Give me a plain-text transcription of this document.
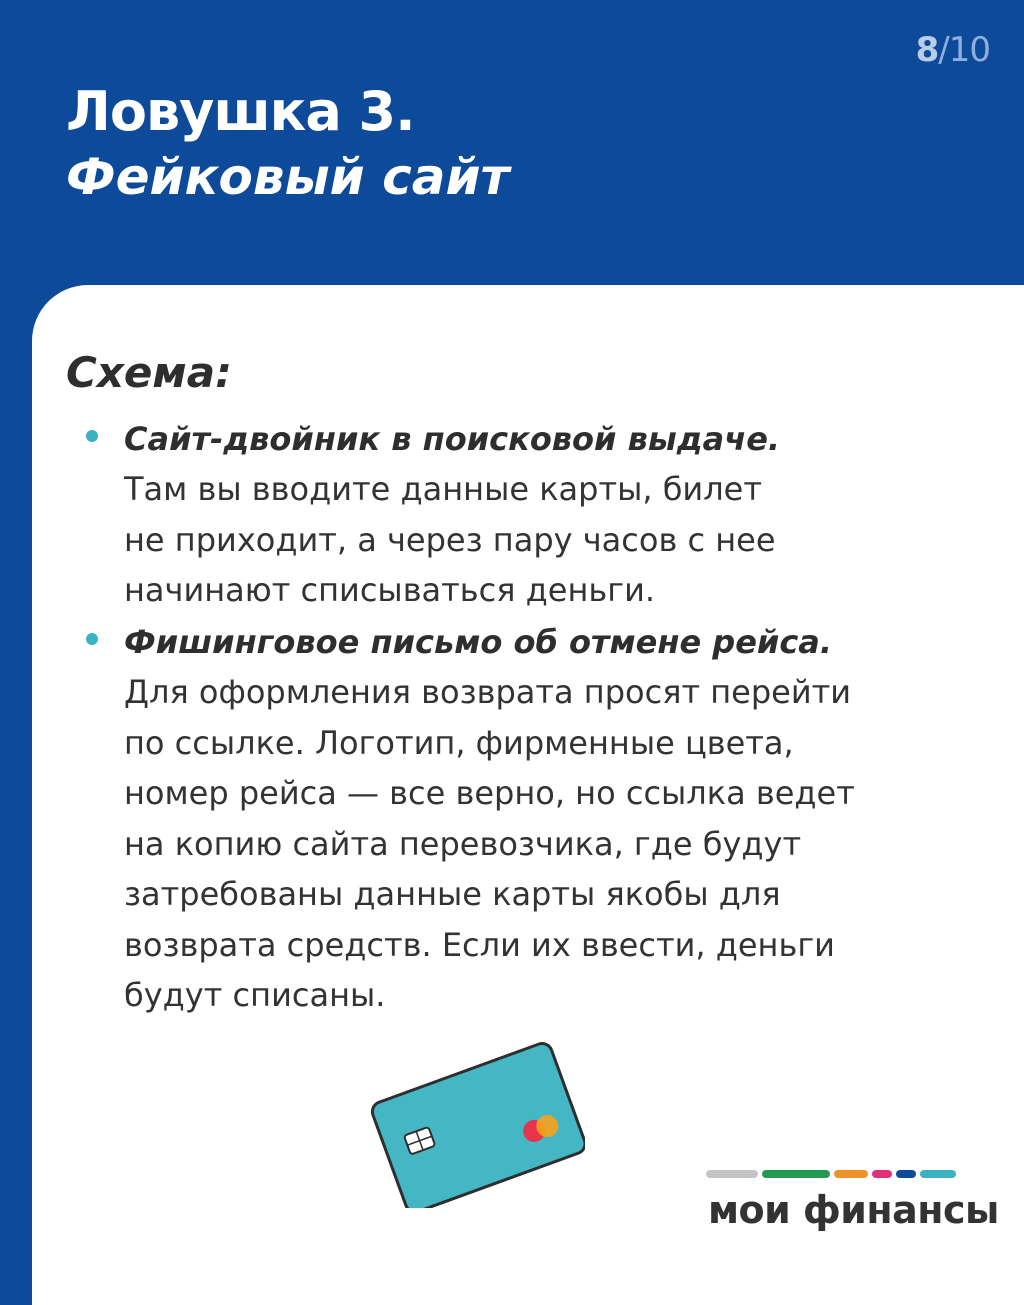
8/10
Ловушка 3.
Фейковый сайт
Схема:
Сайт-двойник в поисковой выдаче.
Там вы вводите данные карты, билет
не приходит, а через пару часов с нее
начинают списываться деньги.
Фишинговое письмо об отмене рейса.
Для оформления возврата просят перейти
по ссылке. Логотип, фирменные цвета,
номер рейса — все верно, но ссылка ведет
на копию сайта перевозчика, где будут
затребованы данные карты якобы для
возврата средств. Если их ввести, деньги
будут списаны.
мои финансы
